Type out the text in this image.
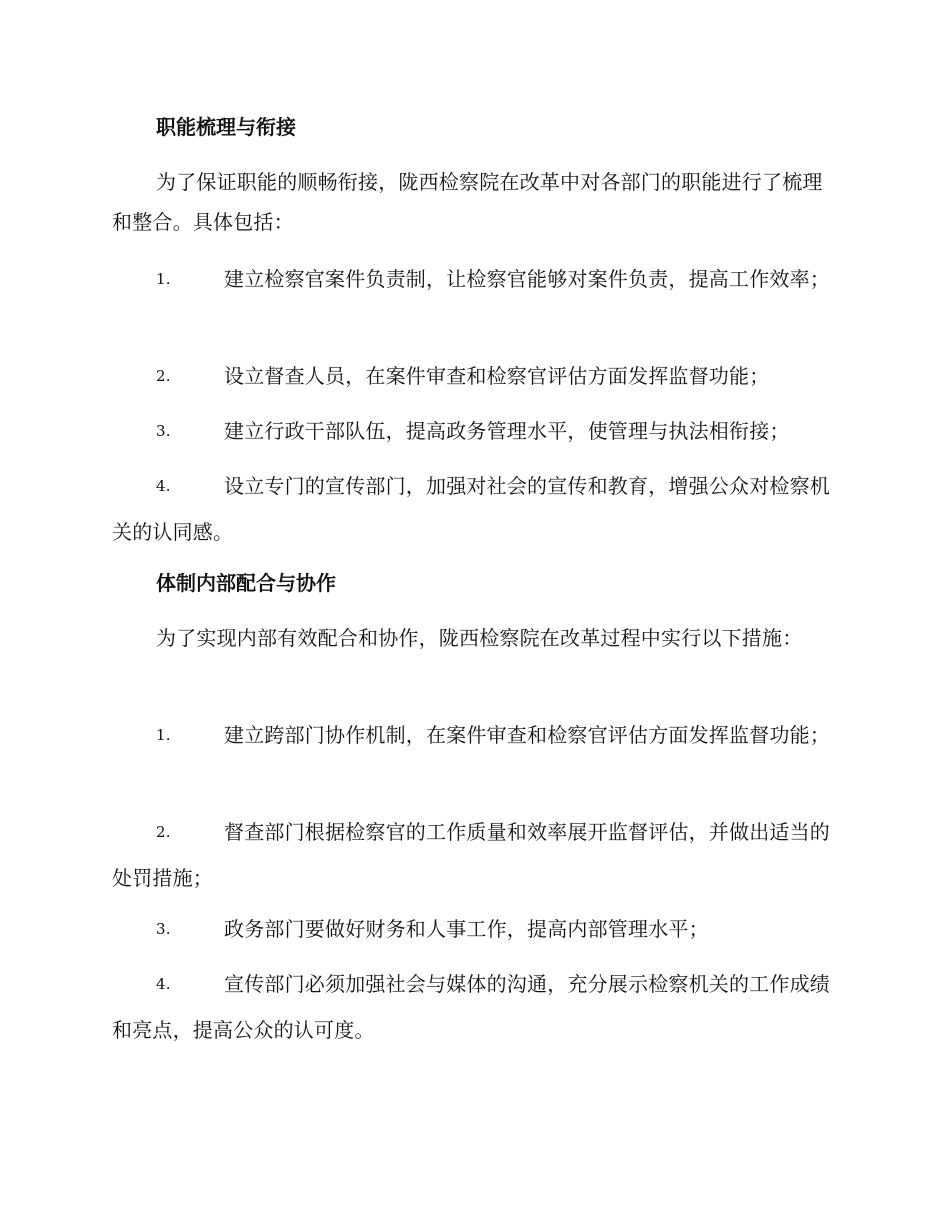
职能梳理与衔接
为了保证职能的顺畅衔接，陇西检察院在改革中对各部门的职能进行了梳理和整合。具体包括：
1.	建立检察官案件负责制，让检察官能够对案件负责，提高工作效率；
2.	设立督查人员，在案件审查和检察官评估方面发挥监督功能；
3.	建立行政干部队伍，提高政务管理水平，使管理与执法相衔接；
4.	设立专门的宣传部门，加强对社会的宣传和教育，增强公众对检察机关的认同感。
体制内部配合与协作
为了实现内部有效配合和协作，陇西检察院在改革过程中实行以下措施：
1.	建立跨部门协作机制，在案件审查和检察官评估方面发挥监督功能；
2.	督查部门根据检察官的工作质量和效率展开监督评估，并做出适当的处罚措施；
3.	政务部门要做好财务和人事工作，提高内部管理水平；
4.	宣传部门必须加强社会与媒体的沟通，充分展示检察机关的工作成绩和亮点，提高公众的认可度。
